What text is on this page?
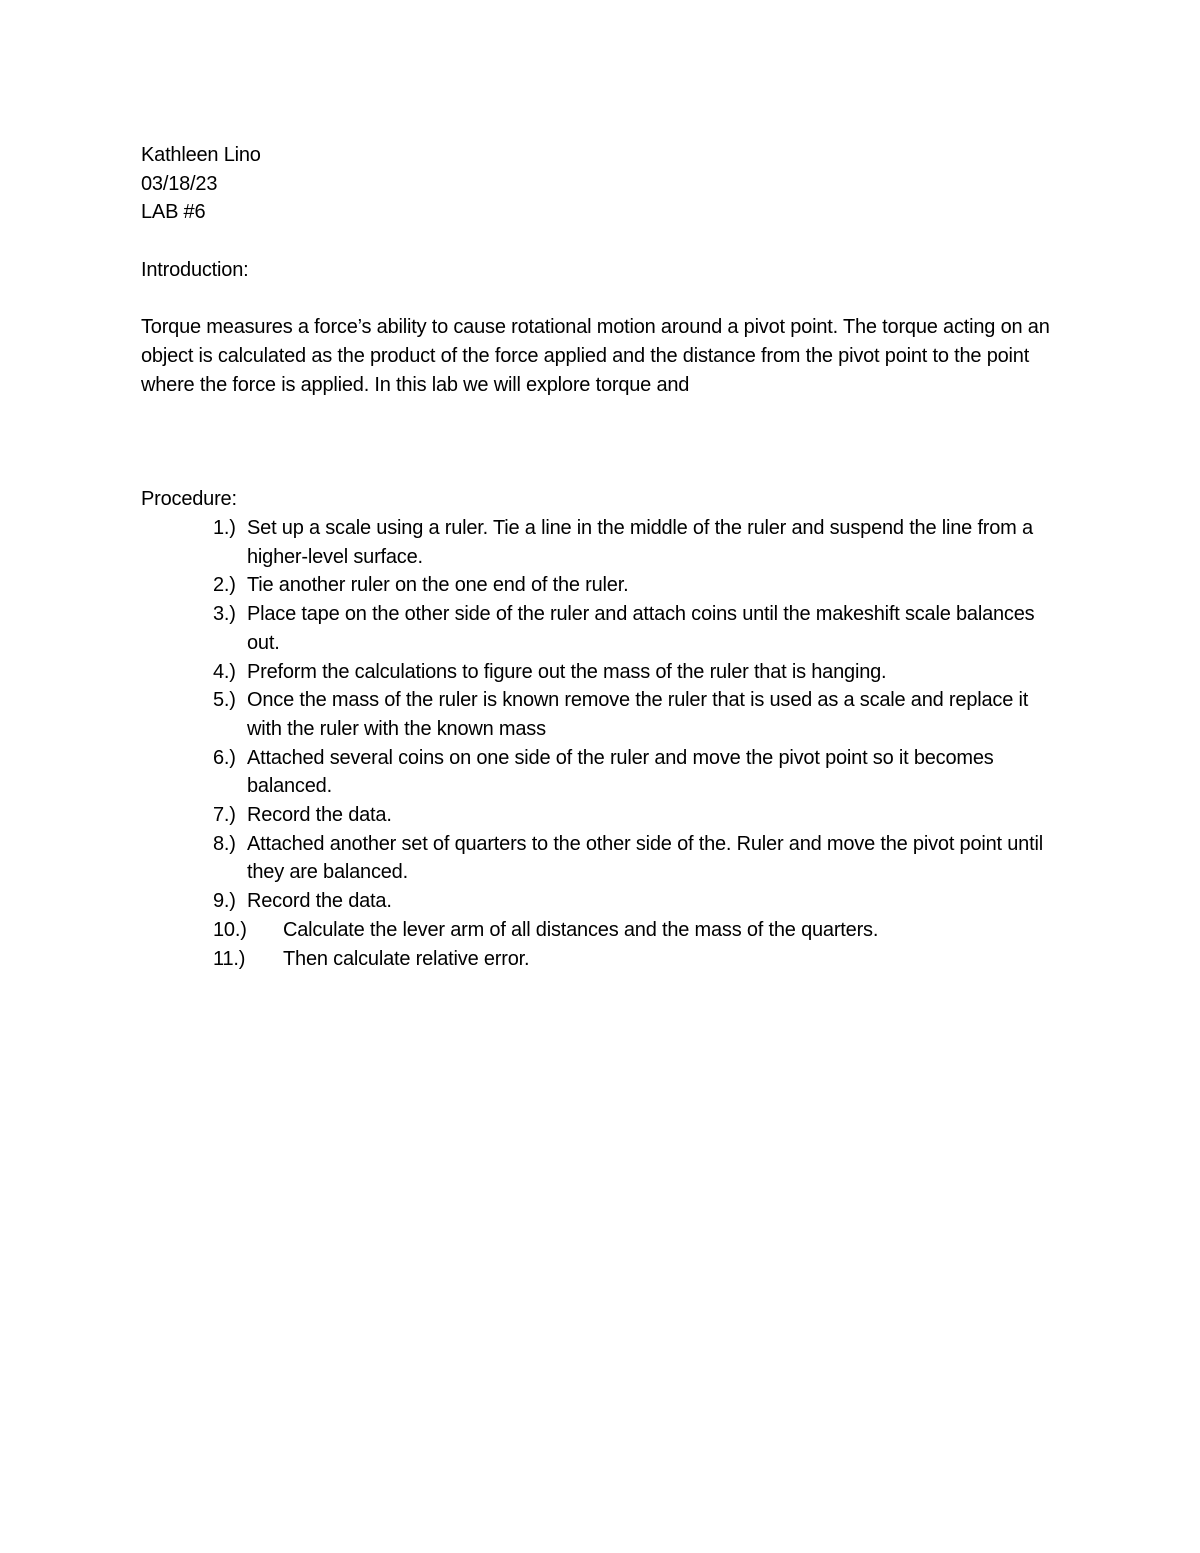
Kathleen Lino
03/18/23
LAB #6
Introduction:
Torque measures a force’s ability to cause rotational motion around a pivot point. The torque acting on an object is calculated as the product of the force applied and the distance from the pivot point to the point where the force is applied. In this lab we will explore torque and
Procedure:
1.) Set up a scale using a ruler. Tie a line in the middle of the ruler and suspend the line from a higher-level surface.
2.) Tie another ruler on the one end of the ruler.
3.) Place tape on the other side of the ruler and attach coins until the makeshift scale balances out.
4.) Preform the calculations to figure out the mass of the ruler that is hanging.
5.) Once the mass of the ruler is known remove the ruler that is used as a scale and replace it with the ruler with the known mass
6.) Attached several coins on one side of the ruler and move the pivot point so it becomes balanced.
7.) Record the data.
8.) Attached another set of quarters to the other side of the. Ruler and move the pivot point until they are balanced.
9.) Record the data.
10.) Calculate the lever arm of all distances and the mass of the quarters.
11.) Then calculate relative error.
